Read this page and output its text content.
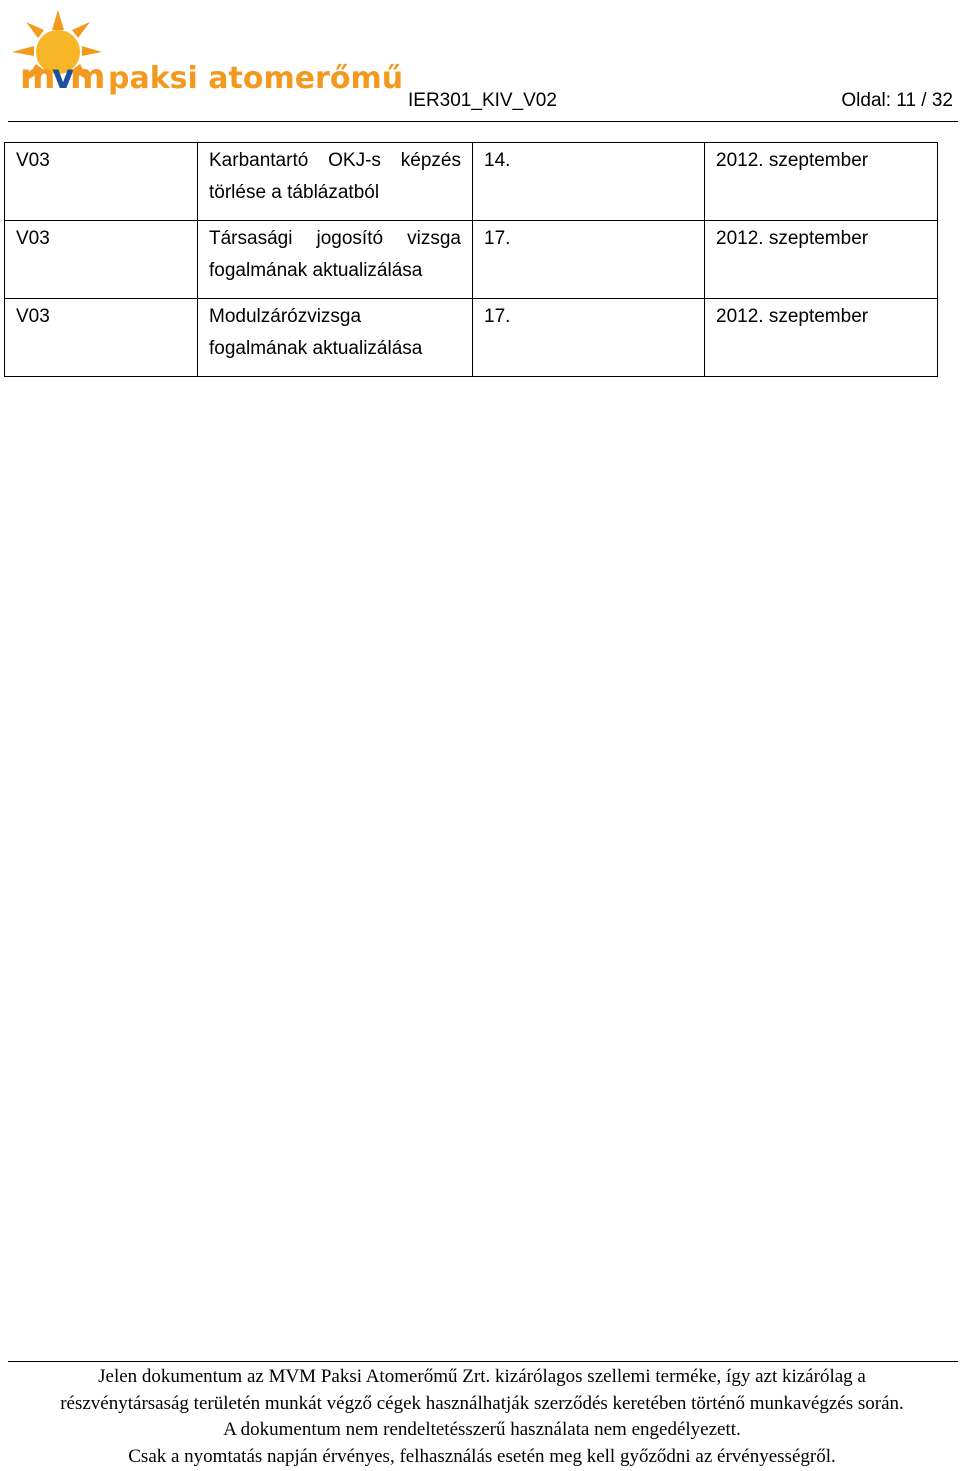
m
v
m paksi atomerőmű
IER301_KIV_V02	Oldal: 11 / 32
V03	Karbantartó OKJ-s képzés törlése a táblázatból	14.	2012. szeptember
V03	Társasági jogosító vizsga fogalmának aktualizálása	17.	2012. szeptember
V03	Modulzárózvizsga fogalmának aktualizálása	17.	2012. szeptember
Jelen dokumentum az MVM Paksi Atomerőmű Zrt. kizárólagos szellemi terméke, így azt kizárólag a
részvénytársaság területén munkát végző cégek használhatják szerződés keretében történő munkavégzés során.
A dokumentum nem rendeltetésszerű használata nem engedélyezett.
Csak a nyomtatás napján érvényes, felhasználás esetén meg kell győződni az érvényességről.
